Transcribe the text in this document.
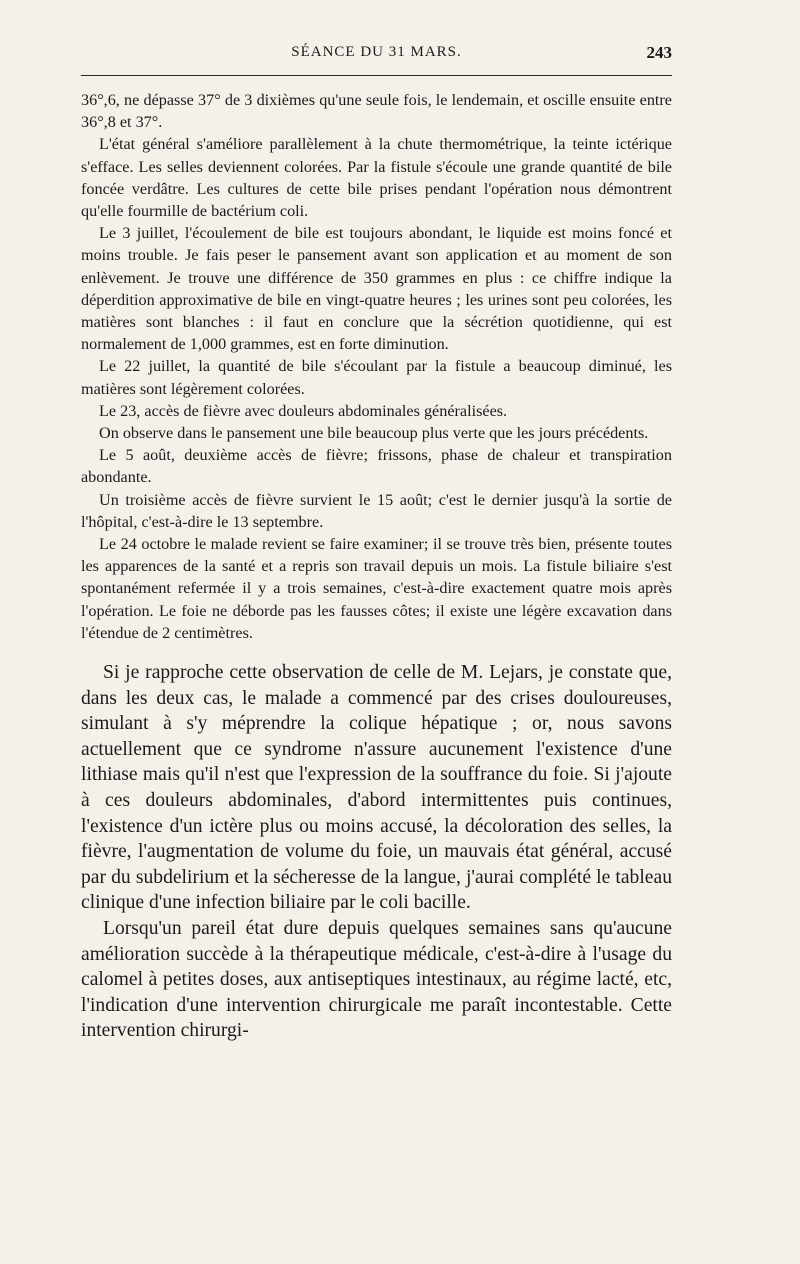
SÉANCE DU 31 MARS.	243

36°,6, ne dépasse 37° de 3 dixièmes qu'une seule fois, le lendemain, et oscille ensuite entre 36°,8 et 37°.

L'état général s'améliore parallèlement à la chute thermométrique, la teinte ictérique s'efface. Les selles deviennent colorées. Par la fistule s'écoule une grande quantité de bile foncée verdâtre. Les cultures de cette bile prises pendant l'opération nous démontrent qu'elle fourmille de bactérium coli.

Le 3 juillet, l'écoulement de bile est toujours abondant, le liquide est moins foncé et moins trouble. Je fais peser le pansement avant son application et au moment de son enlèvement. Je trouve une différence de 350 grammes en plus : ce chiffre indique la déperdition approximative de bile en vingt-quatre heures ; les urines sont peu colorées, les matières sont blanches : il faut en conclure que la sécrétion quotidienne, qui est normalement de 1,000 grammes, est en forte diminution.

Le 22 juillet, la quantité de bile s'écoulant par la fistule a beaucoup diminué, les matières sont légèrement colorées.

Le 23, accès de fièvre avec douleurs abdominales généralisées.

On observe dans le pansement une bile beaucoup plus verte que les jours précédents.

Le 5 août, deuxième accès de fièvre; frissons, phase de chaleur et transpiration abondante.

Un troisième accès de fièvre survient le 15 août; c'est le dernier jusqu'à la sortie de l'hôpital, c'est-à-dire le 13 septembre.

Le 24 octobre le malade revient se faire examiner; il se trouve très bien, présente toutes les apparences de la santé et a repris son travail depuis un mois. La fistule biliaire s'est spontanément refermée il y a trois semaines, c'est-à-dire exactement quatre mois après l'opération. Le foie ne déborde pas les fausses côtes; il existe une légère excavation dans l'étendue de 2 centimètres.

Si je rapproche cette observation de celle de M. Lejars, je constate que, dans les deux cas, le malade a commencé par des crises douloureuses, simulant à s'y méprendre la colique hépatique ; or, nous savons actuellement que ce syndrome n'assure aucunement l'existence d'une lithiase mais qu'il n'est que l'expression de la souffrance du foie. Si j'ajoute à ces douleurs abdominales, d'abord intermittentes puis continues, l'existence d'un ictère plus ou moins accusé, la décoloration des selles, la fièvre, l'augmentation de volume du foie, un mauvais état général, accusé par du subdelirium et la sécheresse de la langue, j'aurai complété le tableau clinique d'une infection biliaire par le coli bacille.

Lorsqu'un pareil état dure depuis quelques semaines sans qu'aucune amélioration succède à la thérapeutique médicale, c'est-à-dire à l'usage du calomel à petites doses, aux antiseptiques intestinaux, au régime lacté, etc, l'indication d'une intervention chirurgicale me paraît incontestable. Cette intervention chirurgi-
